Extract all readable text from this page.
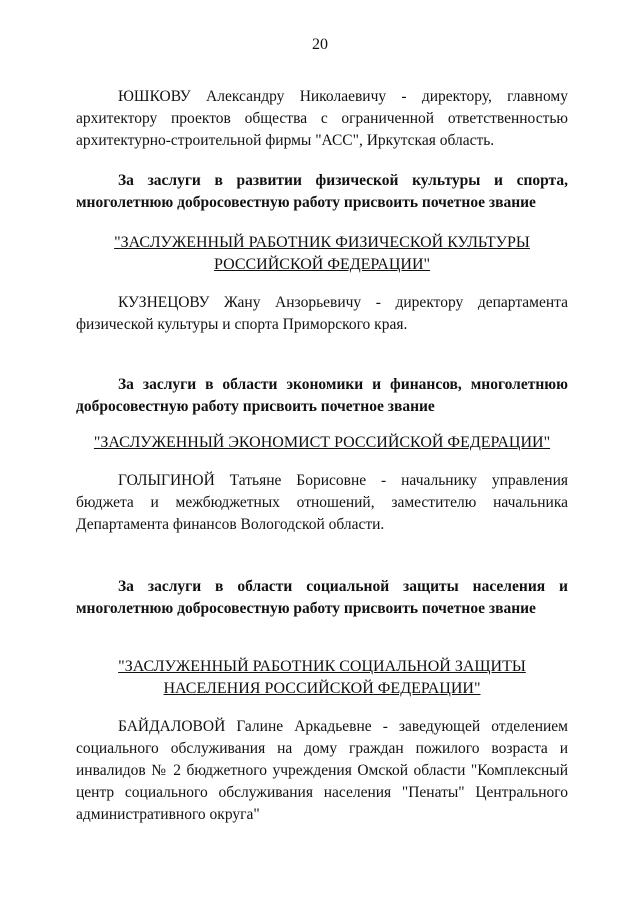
20
ЮШКОВУ Александру Николаевичу - директору, главному архитектору проектов общества с ограниченной ответственностью архитектурно-строительной фирмы "АСС", Иркутская область.
За заслуги в развитии физической культуры и спорта, многолетнюю добросовестную работу присвоить почетное звание
"ЗАСЛУЖЕННЫЙ РАБОТНИК ФИЗИЧЕСКОЙ КУЛЬТУРЫ
РОССИЙСКОЙ ФЕДЕРАЦИИ"
КУЗНЕЦОВУ Жану Анзорьевичу - директору департамента физической культуры и спорта Приморского края.
За заслуги в области экономики и финансов, многолетнюю добросовестную работу присвоить почетное звание
"ЗАСЛУЖЕННЫЙ ЭКОНОМИСТ РОССИЙСКОЙ ФЕДЕРАЦИИ"
ГОЛЫГИНОЙ Татьяне Борисовне - начальнику управления бюджета и межбюджетных отношений, заместителю начальника Департамента финансов Вологодской области.
За заслуги в области социальной защиты населения и многолетнюю добросовестную работу присвоить почетное звание
"ЗАСЛУЖЕННЫЙ РАБОТНИК СОЦИАЛЬНОЙ ЗАЩИТЫ
НАСЕЛЕНИЯ РОССИЙСКОЙ ФЕДЕРАЦИИ"
БАЙДАЛОВОЙ Галине Аркадьевне - заведующей отделением социального обслуживания на дому граждан пожилого возраста и инвалидов № 2 бюджетного учреждения Омской области "Комплексный центр социального обслуживания населения "Пенаты" Центрального административного округа"
